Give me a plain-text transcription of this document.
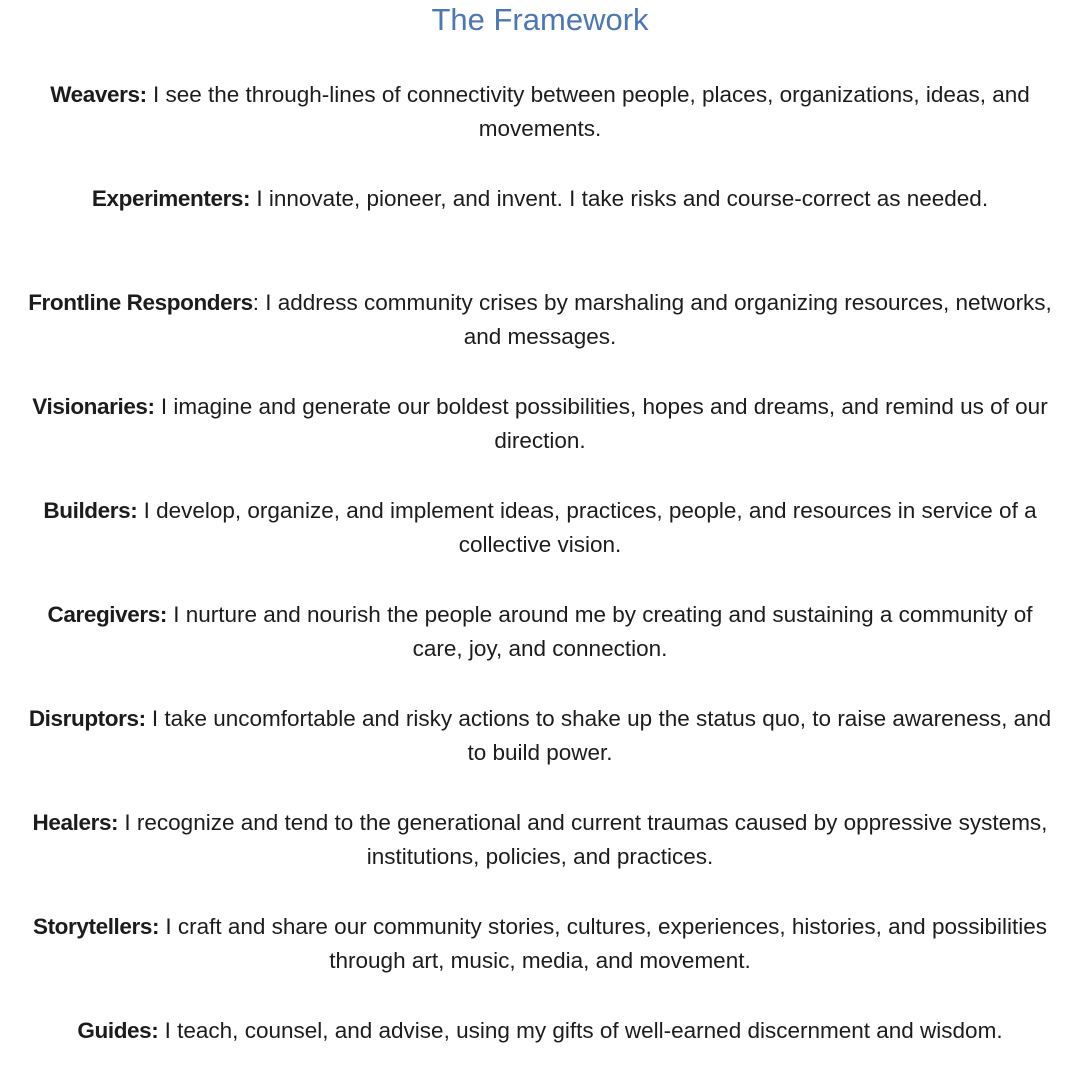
The Framework

Weavers: I see the through-lines of connectivity between people, places, organizations, ideas, and movements.

Experimenters: I innovate, pioneer, and invent. I take risks and course-correct as needed.

Frontline Responders: I address community crises by marshaling and organizing resources, networks, and messages.

Visionaries: I imagine and generate our boldest possibilities, hopes and dreams, and remind us of our direction.

Builders: I develop, organize, and implement ideas, practices, people, and resources in service of a collective vision.

Caregivers: I nurture and nourish the people around me by creating and sustaining a community of care, joy, and connection.

Disruptors: I take uncomfortable and risky actions to shake up the status quo, to raise awareness, and to build power.

Healers: I recognize and tend to the generational and current traumas caused by oppressive systems, institutions, policies, and practices.

Storytellers: I craft and share our community stories, cultures, experiences, histories, and possibilities through art, music, media, and movement.

Guides: I teach, counsel, and advise, using my gifts of well-earned discernment and wisdom.
